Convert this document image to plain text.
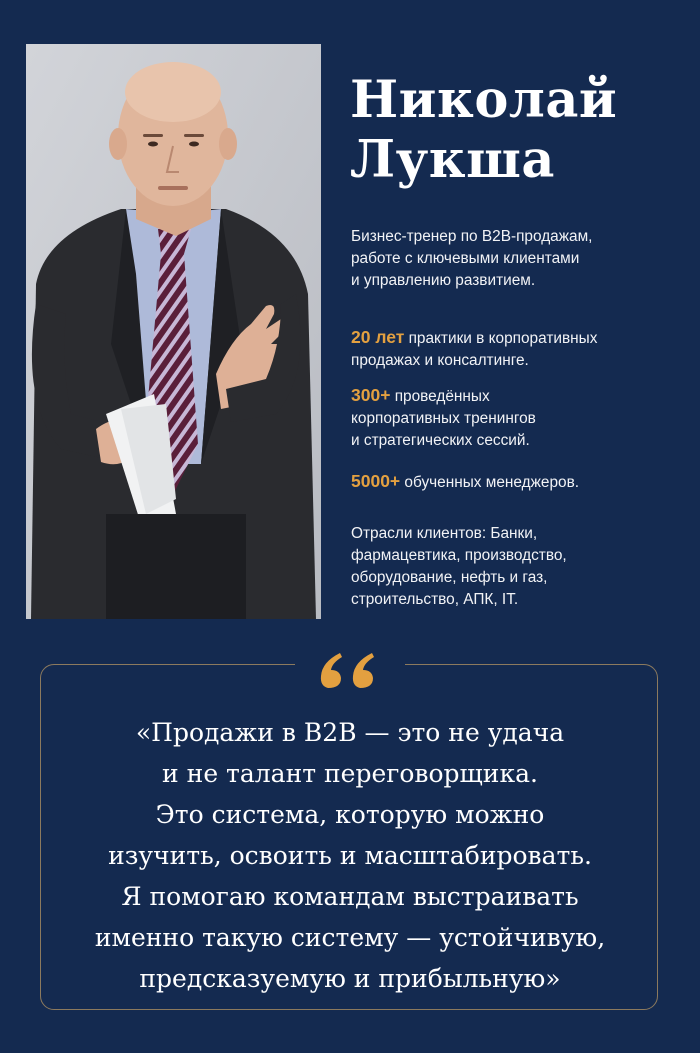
Николай
Лукша
Бизнес-тренер по B2B-продажам,
работе с ключевыми клиентами
и управлению развитием.
20 лет практики в корпоративных
продажах и консалтинге.
300+ проведённых
корпоративных тренингов
и стратегических сессий.
5000+ обученных менеджеров.
Отрасли клиентов: Банки,
фармацевтика, производство,
оборудование, нефть и газ,
строительство, АПК, IT.
«Продажи в B2B — это не удача
и не талант переговорщика.
Это система, которую можно
изучить, освоить и масштабировать.
Я помогаю командам выстраивать
именно такую систему — устойчивую,
предсказуемую и прибыльную»
